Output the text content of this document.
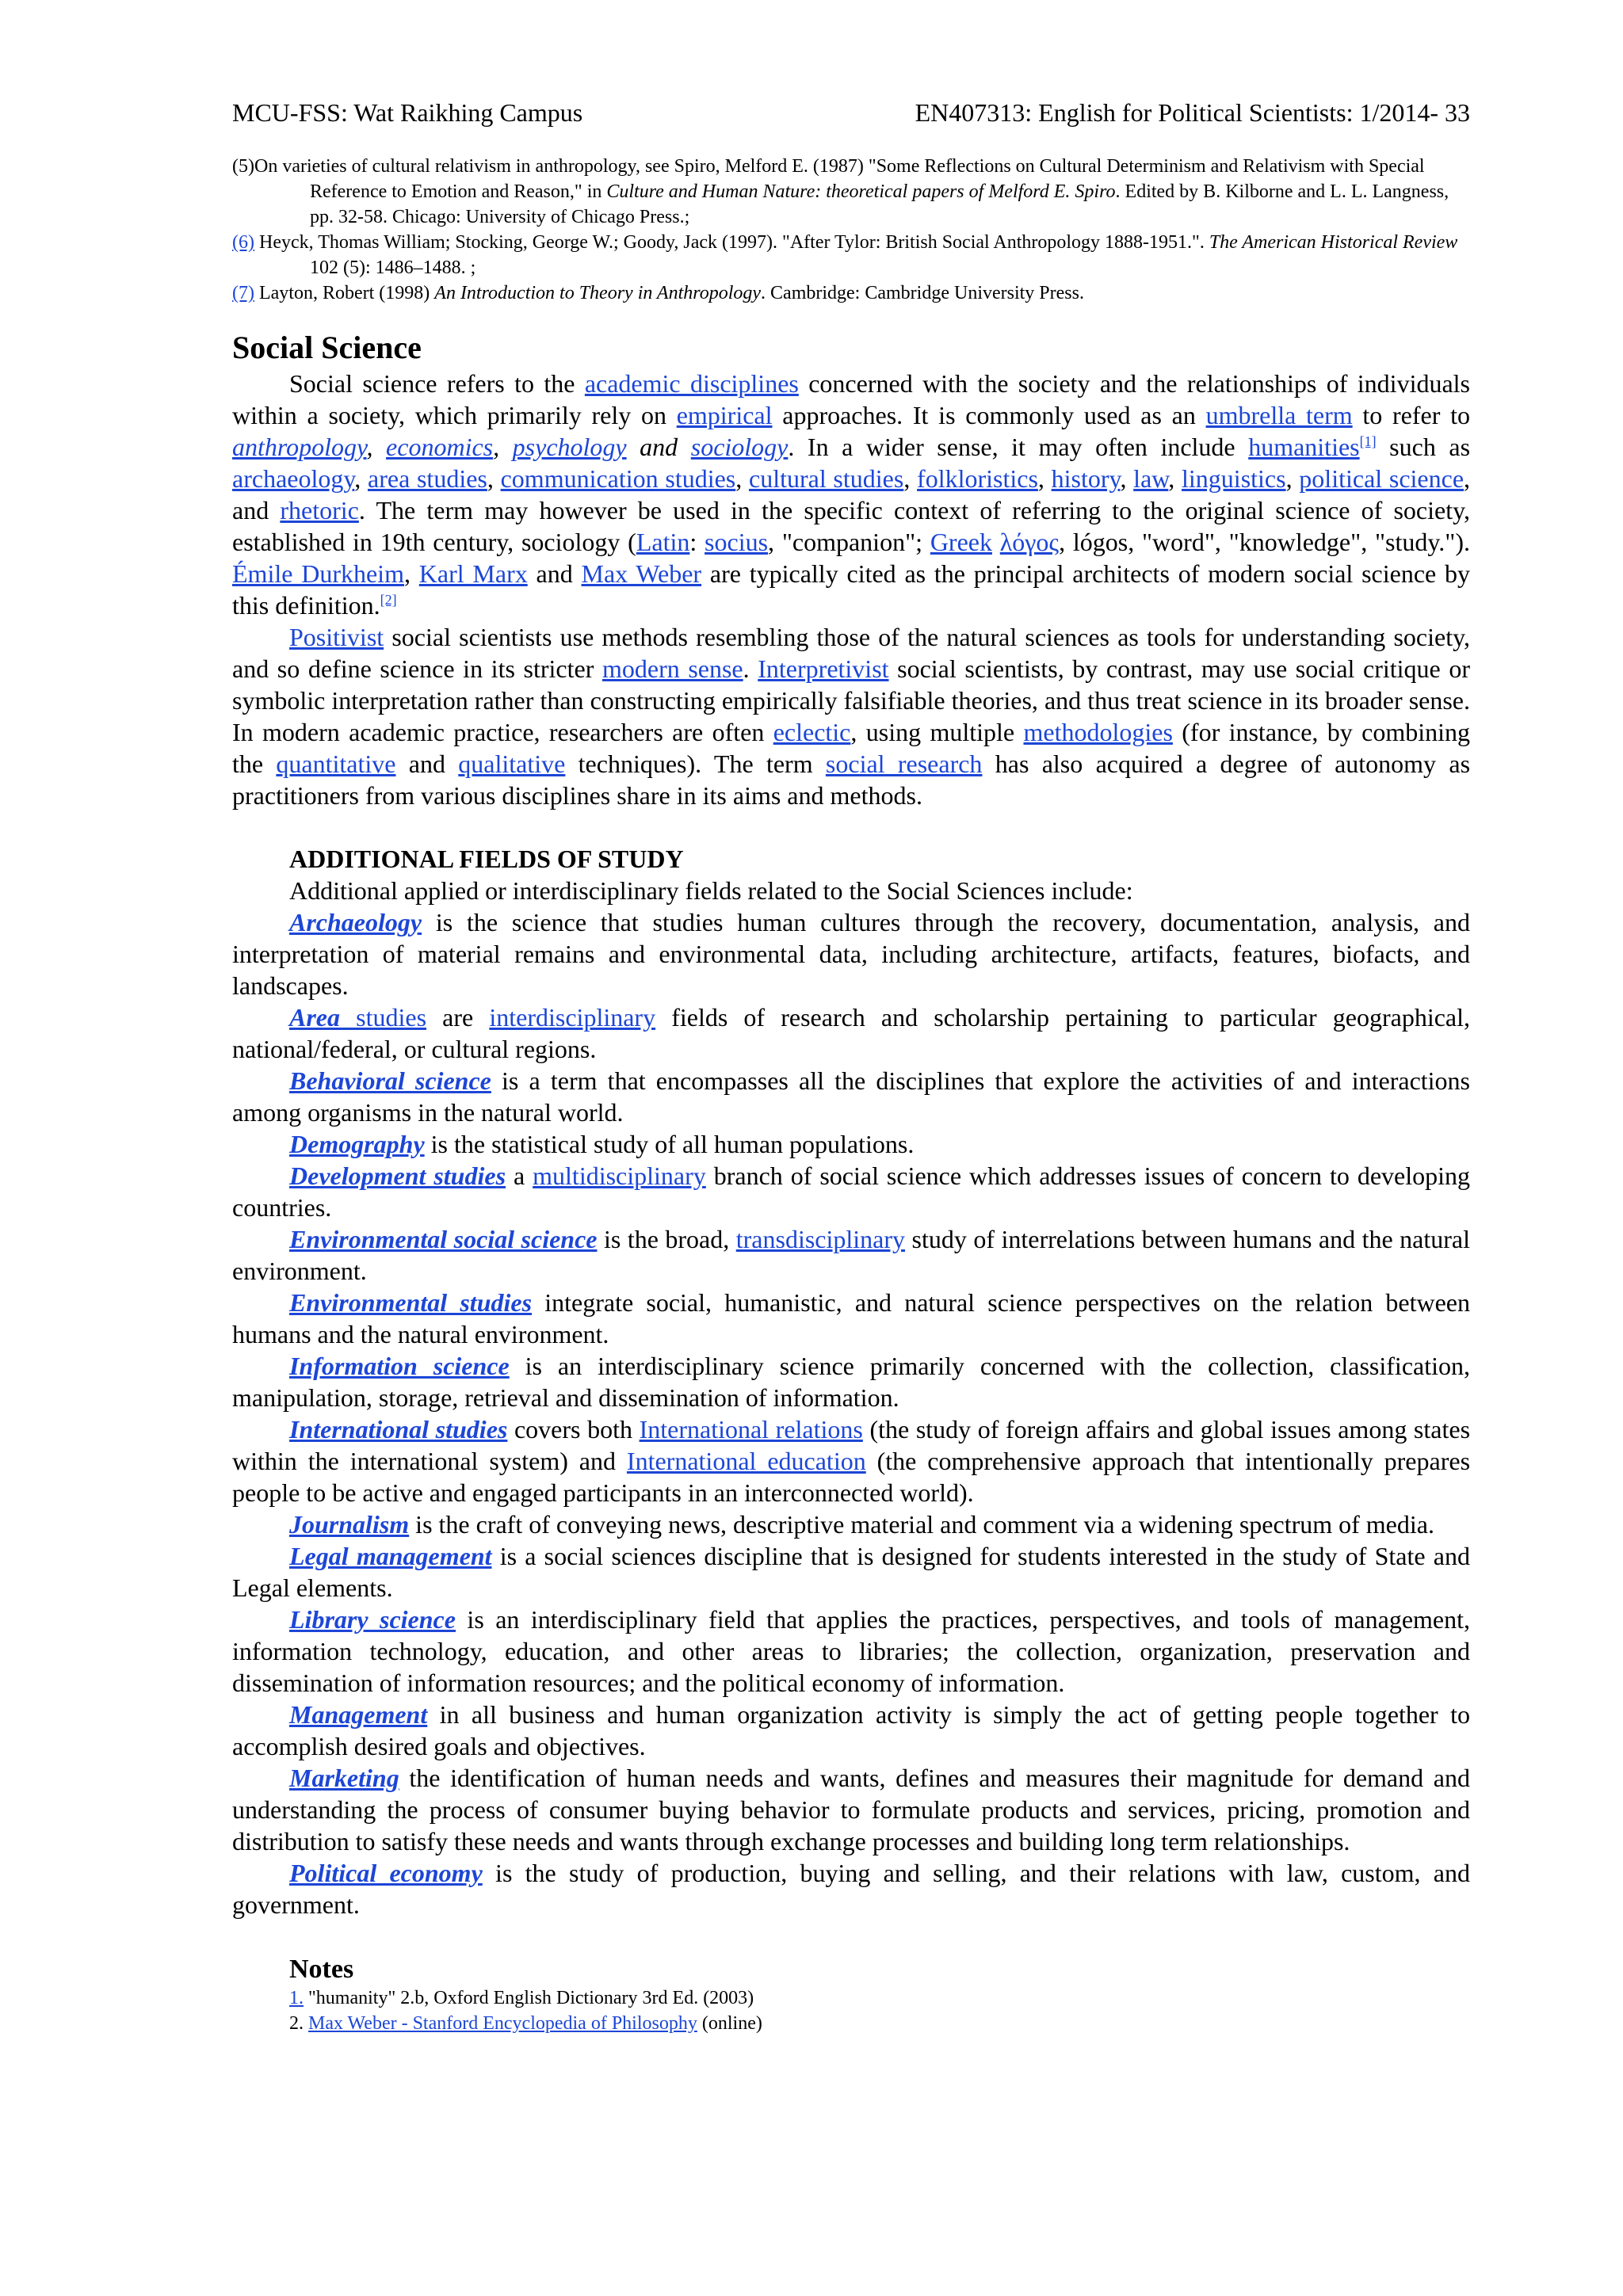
MCU-FSS: Wat Raikhing Campus	EN407313: English for Political Scientists: 1/2014- 33

(5)On varieties of cultural relativism in anthropology, see Spiro, Melford E. (1987) "Some Reflections on Cultural Determinism and Relativism with Special Reference to Emotion and Reason," in Culture and Human Nature: theoretical papers of Melford E. Spiro. Edited by B. Kilborne and L. L. Langness, pp. 32-58. Chicago: University of Chicago Press.;

(6) Heyck, Thomas William; Stocking, George W.; Goody, Jack (1997). "After Tylor: British Social Anthropology 1888-1951.". The American Historical Review 102 (5): 1486–1488. ;

(7) Layton, Robert (1998) An Introduction to Theory in Anthropology. Cambridge: Cambridge University Press.

Social Science

Social science refers to the academic disciplines concerned with the society and the relationships of individuals within a society, which primarily rely on empirical approaches. It is commonly used as an umbrella term to refer to anthropology, economics, psychology and sociology. In a wider sense, it may often include humanities[1] such as archaeology, area studies, communication studies, cultural studies, folkloristics, history, law, linguistics, political science, and rhetoric. The term may however be used in the specific context of referring to the original science of society, established in 19th century, sociology (Latin: socius, "companion"; Greek λόγος, lógos, "word", "knowledge", "study."). Émile Durkheim, Karl Marx and Max Weber are typically cited as the principal architects of modern social science by this definition.[2]

Positivist social scientists use methods resembling those of the natural sciences as tools for understanding society, and so define science in its stricter modern sense. Interpretivist social scientists, by contrast, may use social critique or symbolic interpretation rather than constructing empirically falsifiable theories, and thus treat science in its broader sense. In modern academic practice, researchers are often eclectic, using multiple methodologies (for instance, by combining the quantitative and qualitative techniques). The term social research has also acquired a degree of autonomy as practitioners from various disciplines share in its aims and methods.

ADDITIONAL FIELDS OF STUDY
Additional applied or interdisciplinary fields related to the Social Sciences include:

Archaeology is the science that studies human cultures through the recovery, documentation, analysis, and interpretation of material remains and environmental data, including architecture, artifacts, features, biofacts, and landscapes.

Area studies are interdisciplinary fields of research and scholarship pertaining to particular geographical, national/federal, or cultural regions.

Behavioral science is a term that encompasses all the disciplines that explore the activities of and interactions among organisms in the natural world.

Demography is the statistical study of all human populations.

Development studies a multidisciplinary branch of social science which addresses issues of concern to developing countries.

Environmental social science is the broad, transdisciplinary study of interrelations between humans and the natural environment.

Environmental studies integrate social, humanistic, and natural science perspectives on the relation between humans and the natural environment.

Information science is an interdisciplinary science primarily concerned with the collection, classification, manipulation, storage, retrieval and dissemination of information.

International studies covers both International relations (the study of foreign affairs and global issues among states within the international system) and International education (the comprehensive approach that intentionally prepares people to be active and engaged participants in an interconnected world).

Journalism is the craft of conveying news, descriptive material and comment via a widening spectrum of media.

Legal management is a social sciences discipline that is designed for students interested in the study of State and Legal elements.

Library science is an interdisciplinary field that applies the practices, perspectives, and tools of management, information technology, education, and other areas to libraries; the collection, organization, preservation and dissemination of information resources; and the political economy of information.

Management in all business and human organization activity is simply the act of getting people together to accomplish desired goals and objectives.

Marketing the identification of human needs and wants, defines and measures their magnitude for demand and understanding the process of consumer buying behavior to formulate products and services, pricing, promotion and distribution to satisfy these needs and wants through exchange processes and building long term relationships.

Political economy is the study of production, buying and selling, and their relations with law, custom, and government.

Notes
1. "humanity" 2.b, Oxford English Dictionary 3rd Ed. (2003)
2. Max Weber - Stanford Encyclopedia of Philosophy (online)
